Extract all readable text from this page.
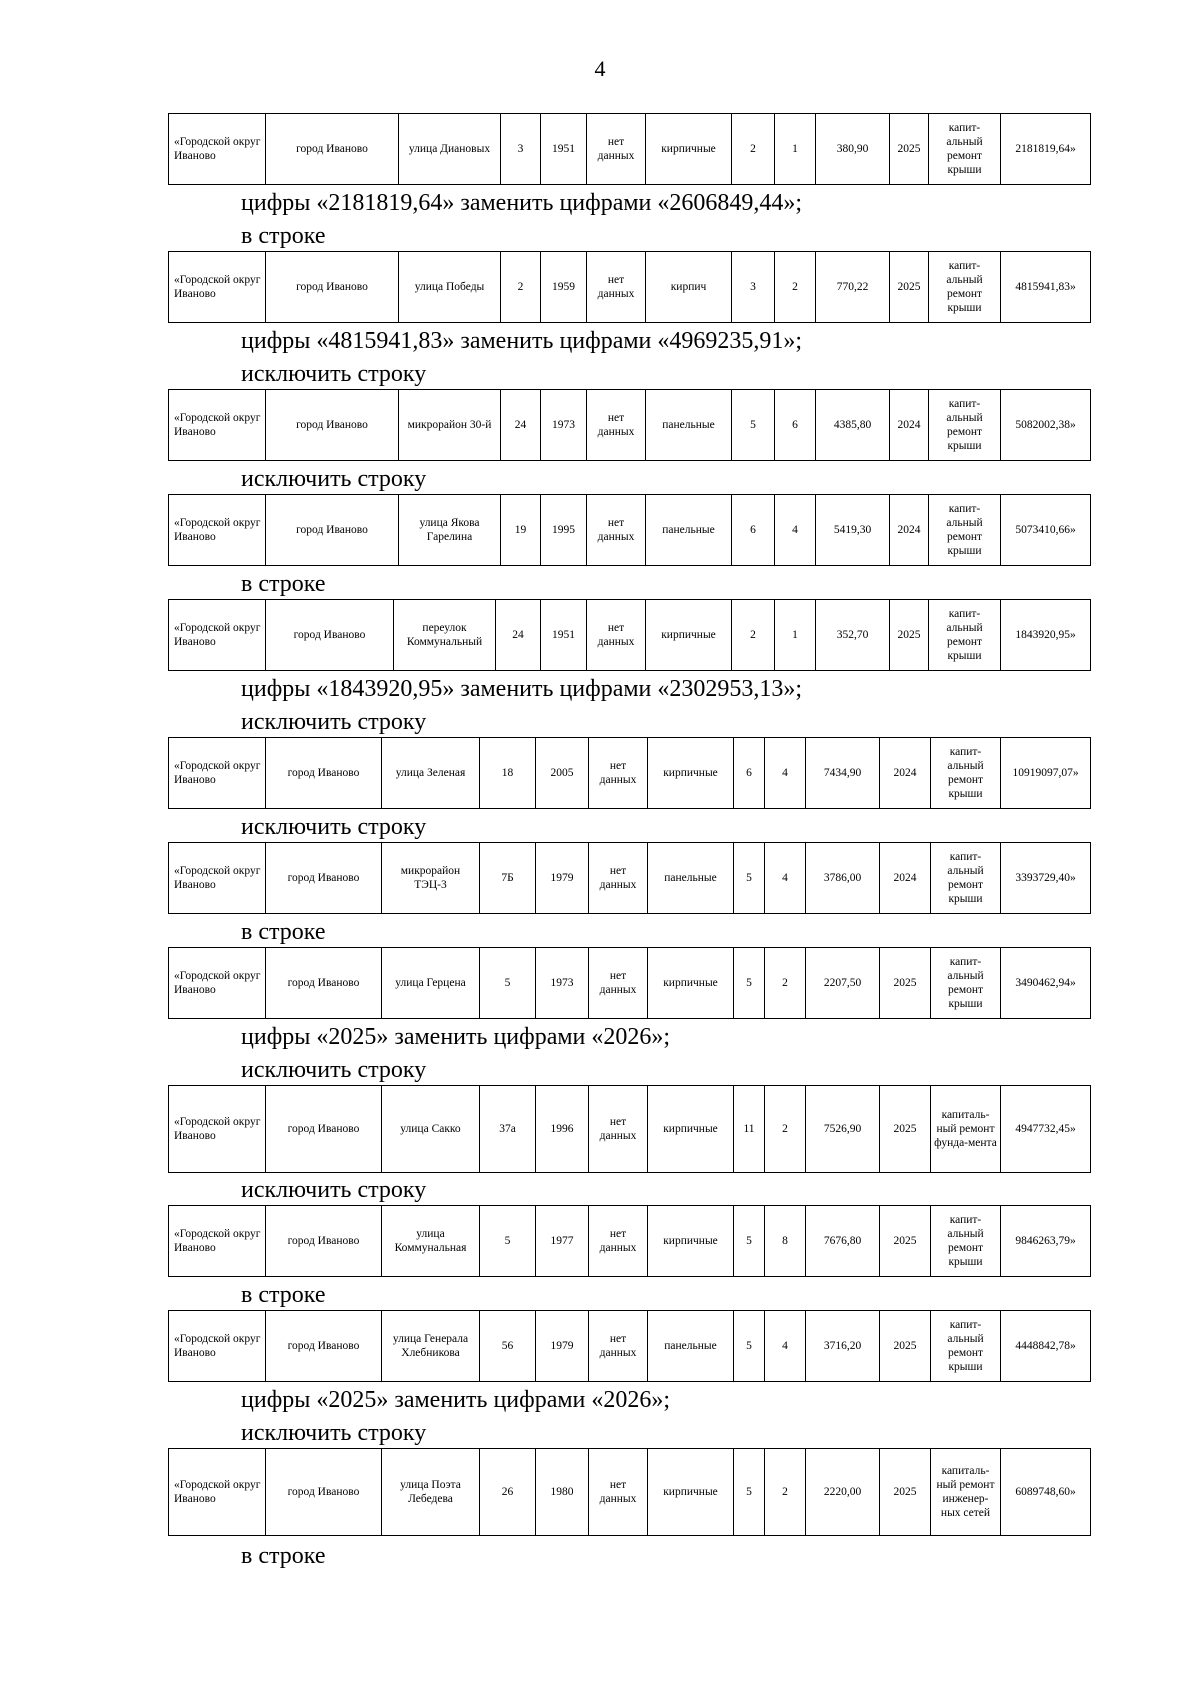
4
«Городской округ Иваново	город Иваново	улица Диановых	3	1951	нет данных	кирпичные	2	1	380,90	2025	капит-альный ремонт крыши	2181819,64»
цифры «2181819,64» заменить цифрами «2606849,44»;
в строке
«Городской округ Иваново	город Иваново	улица Победы	2	1959	нет данных	кирпич	3	2	770,22	2025	капит-альный ремонт крыши	4815941,83»
цифры «4815941,83» заменить цифрами «4969235,91»;
исключить строку
«Городской округ Иваново	город Иваново	микрорайон 30-й	24	1973	нет данных	панельные	5	6	4385,80	2024	капит-альный ремонт крыши	5082002,38»
исключить строку
«Городской округ Иваново	город Иваново	улица Якова Гарелина	19	1995	нет данных	панельные	6	4	5419,30	2024	капит-альный ремонт крыши	5073410,66»
в строке
«Городской округ Иваново	город Иваново	переулок Коммунальный	24	1951	нет данных	кирпичные	2	1	352,70	2025	капит-альный ремонт крыши	1843920,95»
цифры «1843920,95» заменить цифрами «2302953,13»;
исключить строку
«Городской округ Иваново	город Иваново	улица Зеленая	18	2005	нет данных	кирпичные	6	4	7434,90	2024	капит-альный ремонт крыши	10919097,07»
исключить строку
«Городской округ Иваново	город Иваново	микрорайон ТЭЦ-3	7Б	1979	нет данных	панельные	5	4	3786,00	2024	капит-альный ремонт крыши	3393729,40»
в строке
«Городской округ Иваново	город Иваново	улица Герцена	5	1973	нет данных	кирпичные	5	2	2207,50	2025	капит-альный ремонт крыши	3490462,94»
цифры «2025» заменить цифрами «2026»;
исключить строку
«Городской округ Иваново	город Иваново	улица Сакко	37а	1996	нет данных	кирпичные	11	2	7526,90	2025	капиталь-ный ремонт фунда-мента	4947732,45»
исключить строку
«Городской округ Иваново	город Иваново	улица Коммунальная	5	1977	нет данных	кирпичные	5	8	7676,80	2025	капит-альный ремонт крыши	9846263,79»
в строке
«Городской округ Иваново	город Иваново	улица Генерала Хлебникова	56	1979	нет данных	панельные	5	4	3716,20	2025	капит-альный ремонт крыши	4448842,78»
цифры «2025» заменить цифрами «2026»;
исключить строку
«Городской округ Иваново	город Иваново	улица Поэта Лебедева	26	1980	нет данных	кирпичные	5	2	2220,00	2025	капиталь-ный ремонт инженер-ных сетей	6089748,60»
в строке
